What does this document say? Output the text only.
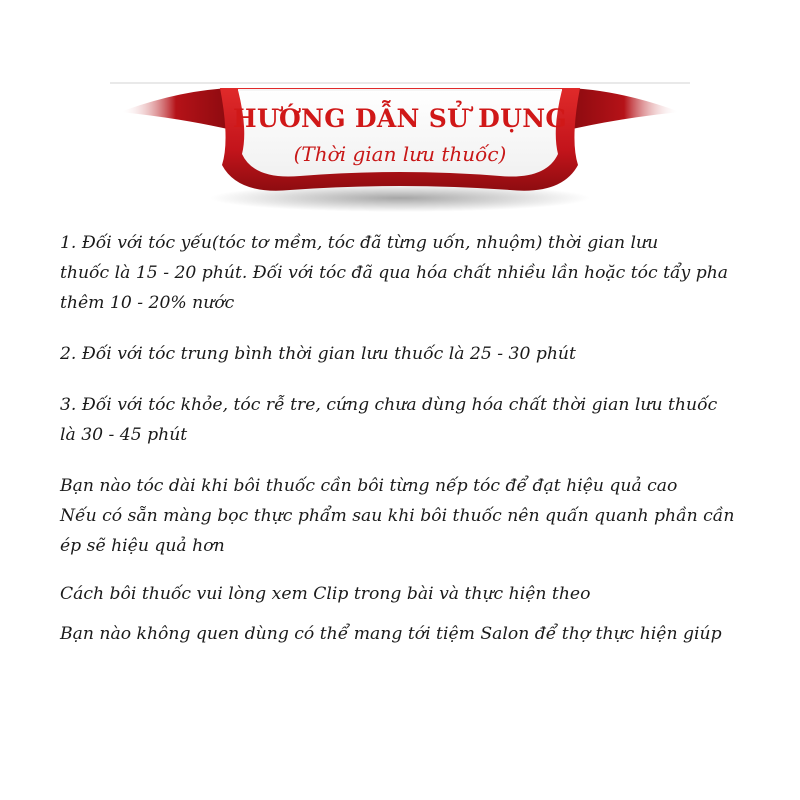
HƯỚNG DẪN SỬ DỤNG
(Thời gian lưu thuốc)

1. Đối với tóc yếu(tóc tơ mềm, tóc đã từng uốn, nhuộm) thời gian lưu
thuốc là 15 - 20 phút. Đối với tóc đã qua hóa chất nhiều lần hoặc tóc tẩy pha
thêm 10 - 20% nước

2. Đối với tóc trung bình thời gian lưu thuốc là 25 - 30 phút

3. Đối với tóc khỏe, tóc rễ tre, cứng chưa dùng hóa chất thời gian lưu thuốc
là 30 - 45 phút

Bạn nào tóc dài khi bôi thuốc cần bôi từng nếp tóc để đạt hiệu quả cao
Nếu có sẵn màng bọc thực phẩm sau khi bôi thuốc nên quấn quanh phần cần
ép sẽ hiệu quả hơn

Cách bôi thuốc vui lòng xem Clip trong bài và thực hiện theo

Bạn nào không quen dùng có thể mang tới tiệm Salon để thợ thực hiện giúp
